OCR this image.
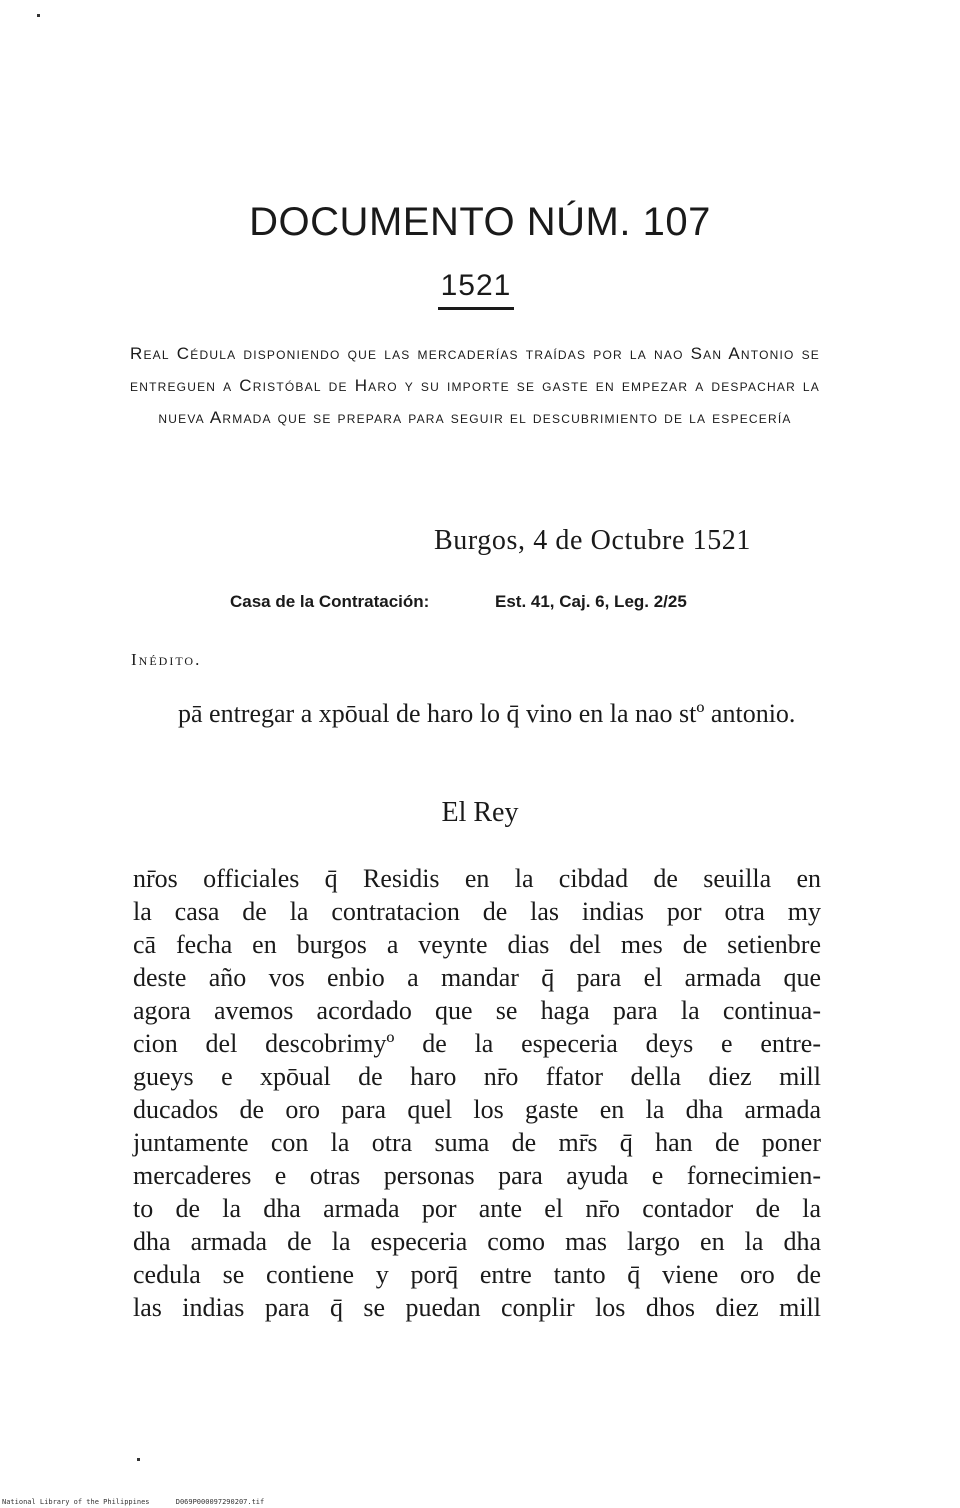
DOCUMENTO NÚM. 107
1521
Real Cédula disponiendo que las mercaderías traídas por la nao San Antonio se entreguen a Cristóbal de Haro y su importe se gaste en empezar a despachar la nueva Armada que se prepara para seguir el descubrimiento de la especería
Burgos, 4 de Octubre 1521
Casa de la Contratación:	Est. 41, Caj. 6, Leg. 2/25
Inédito.
pā entregar a xpōual de haro lo q̄ vino en la nao stº antonio.
El Rey
nr̄os officiales q̄ Residis en la cibdad de seuilla en
la casa de la contratacion de las indias por otra my
cā fecha en burgos a veynte dias del mes de setienbre
deste año vos enbio a mandar q̄ para el armada que
agora avemos acordado que se haga para la continua-
cion del descobrimyº de la especeria deys e entre-
gueys e xpōual de haro nr̄o ffator della diez mill
ducados de oro para quel los gaste en la dha armada
juntamente con la otra suma de mr̄s q̄ han de poner
mercaderes e otras personas para ayuda e fornecimien-
to de la dha armada por ante el nr̄o contador de la
dha armada de la especeria como mas largo en la dha
cedula se contiene y porq̄ entre tanto q̄ viene oro de
las indias para q̄ se puedan conplir los dhos diez mill
National Library of the Philippines	D069P000097290207.tif
